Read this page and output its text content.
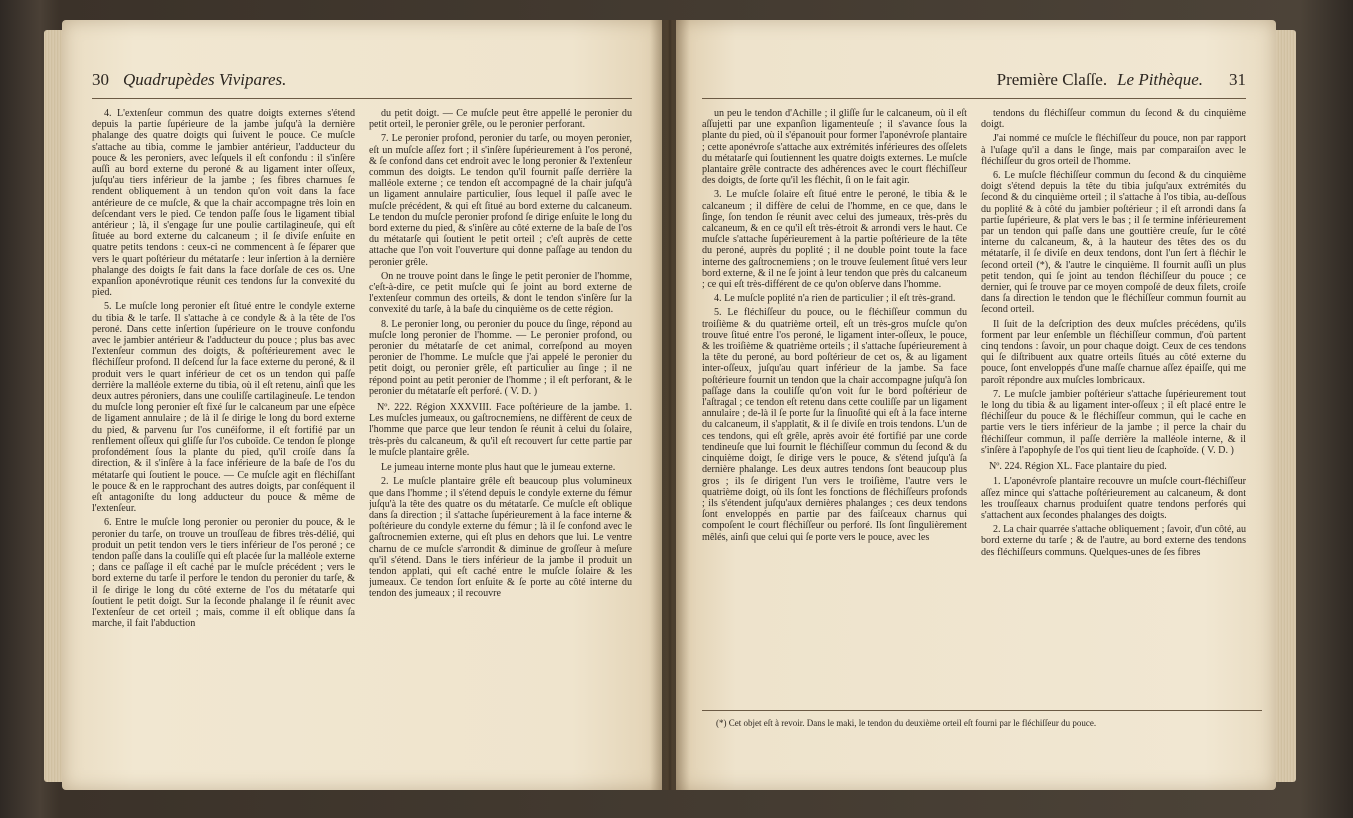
30 Quadrupèdes Vivipares.

4. L'extenſeur commun des quatre doigts externes s'étend depuis la partie ſupérieure de la jambe juſqu'à la dernière phalange des quatre doigts qui ſuivent le pouce. Ce muſcle s'attache au tibia, comme le jambier antérieur, l'adducteur du pouce & les peroniers, avec leſquels il eſt confondu : il s'inſère auſſi au bord externe du peroné & au ligament inter oſſeux, juſqu'au tiers inférieur de la jambe ; ſes fibres charnues ſe rendent obliquement à un tendon qu'on voit dans la face antérieure de ce muſcle, & que la chair accompagne très loin en deſcendant vers le pied. Ce tendon paſſe ſous le ligament tibial antérieur ; là, il s'engage ſur une poulie cartilagineuſe, qui eſt ſituée au bord externe du calcaneum ; il ſe diviſe enſuite en quatre petits tendons : ceux-ci ne commencent à ſe ſéparer que vers le quart poſtérieur du métatarſe : leur inſertion à la dernière phalange des doigts ſe fait dans la face dorſale de ces os. Une expanſion aponévrotique réunit ces tendons ſur la convexité du pied.

5. Le muſcle long peronier eſt ſitué entre le condyle externe du tibia & le tarſe. Il s'attache à ce condyle & à la tête de l'os peroné. Dans cette inſertion ſupérieure on le trouve confondu avec le jambier antérieur & l'adducteur du pouce ; plus bas avec l'extenſeur commun des doigts, & poſtérieurement avec le fléchiſſeur profond. Il deſcend ſur la face externe du peroné, & il produit vers le quart inférieur de cet os un tendon qui paſſe derrière la malléole externe du tibia, où il eſt retenu, ainſi que les deux autres péroniers, dans une couliſſe cartilagineuſe. Le tendon du muſcle long peronier eſt fixé ſur le calcaneum par une eſpèce de ligament annulaire ; de là il ſe dirige le long du bord externe du pied, & parvenu ſur l'os cunéiforme, il eſt fortifié par un renflement oſſeux qui gliſſe ſur l'os cuboïde. Ce tendon ſe plonge profondément ſous la plante du pied, qu'il croiſe dans ſa direction, & il s'inſère à la face inférieure de la baſe de l'os du métatarſe qui ſoutient le pouce. — Ce muſcle agit en fléchiſſant le pouce & en le rapprochant des autres doigts, par conſéquent il eſt antagoniſte du long adducteur du pouce & même de l'extenſeur.

6. Entre le muſcle long peronier ou peronier du pouce, & le peronier du tarſe, on trouve un trouſſeau de fibres très-délié, qui produit un petit tendon vers le tiers inférieur de l'os peroné ; ce tendon paſſe dans la couliſſe qui eſt placée ſur la malléole externe ; dans ce paſſage il eſt caché par le muſcle précédent ; vers le bord externe du tarſe il perfore le tendon du peronier du tarſe, & il ſe dirige le long du côté externe de l'os du métatarſe qui ſoutient le petit doigt. Sur la ſeconde phalange il ſe réunit avec l'extenſeur de cet orteil ; mais, comme il eſt oblique dans ſa marche, il fait l'abduction

du petit doigt. — Ce muſcle peut être appellé le peronier du petit orteil, le peronier grêle, ou le peronier perforant.

7. Le peronier profond, peronier du tarſe, ou moyen peronier, eſt un muſcle aſſez fort ; il s'inſère ſupérieurement à l'os peroné, & ſe confond dans cet endroit avec le long peronier & l'extenſeur commun des doigts. Le tendon qu'il fournit paſſe derrière la malléole externe ; ce tendon eſt accompagné de la chair juſqu'à un ligament annulaire particulier, ſous lequel il paſſe avec le muſcle précédent, & qui eſt ſitué au bord externe du calcaneum. Le tendon du muſcle peronier profond ſe dirige enſuite le long du bord externe du pied, & s'inſère au côté externe de la baſe de l'os du métatarſe qui ſoutient le petit orteil ; c'eſt auprès de cette attache que l'on voit l'ouverture qui donne paſſage au tendon du peronier grêle.

On ne trouve point dans le ſinge le petit peronier de l'homme, c'eſt-à-dire, ce petit muſcle qui ſe joint au bord externe de l'extenſeur commun des orteils, & dont le tendon s'inſère ſur la convexité du tarſe, à la baſe du cinquième os de cette région.

8. Le peronier long, ou peronier du pouce du ſinge, répond au muſcle long peronier de l'homme. — Le peronier profond, ou peronier du métatarſe de cet animal, correſpond au moyen peronier de l'homme. Le muſcle que j'ai appelé le peronier du petit doigt, ou peronier grêle, eſt particulier au ſinge ; il ne répond point au petit peronier de l'homme ; il eſt perforant, & le peronier du métatarſe eſt perforé. ( V. D. )

Nº. 222. Région XXXVIII. Face poſtérieure de la jambe. 1. Les muſcles jumeaux, ou gaſtrocnemiens, ne diffèrent de ceux de l'homme que parce que leur tendon ſe réunit à celui du ſolaire, très-près du calcaneum, & qu'il eſt recouvert ſur cette partie par le muſcle plantaire grêle.

Le jumeau interne monte plus haut que le jumeau externe.

2. Le muſcle plantaire grêle eſt beaucoup plus volumineux que dans l'homme ; il s'étend depuis le condyle externe du fémur juſqu'à la tête des quatre os du métatarſe. Ce muſcle eſt oblique dans ſa direction ; il s'attache ſupérieurement à la face interne & poſtérieure du condyle externe du fémur ; là il ſe confond avec le gaſtrocnemien externe, qui eſt plus en dehors que lui. Le ventre charnu de ce muſcle s'arrondit & diminue de groſſeur à meſure qu'il s'étend. Dans le tiers inférieur de la jambe il produit un tendon applati, qui eſt caché entre le muſcle ſolaire & les jumeaux. Ce tendon ſort enſuite & ſe porte au côté interne du tendon des jumeaux ; il recouvre

Première Claſſe. Le Pithèque. 31

un peu le tendon d'Achille ; il gliſſe ſur le calcaneum, où il eſt aſſujetti par une expanſion ligamenteuſe ; il s'avance ſous la plante du pied, où il s'épanouit pour former l'aponévroſe plantaire ; cette aponévroſe s'attache aux extrémités inférieures des oſſelets du métatarſe qui ſoutiennent les quatre doigts externes. Le muſcle plantaire grêle contracte des adhérences avec le court fléchiſſeur des doigts, de ſorte qu'il les fléchit, ſi on le fait agir.

3. Le muſcle ſolaire eſt ſitué entre le peroné, le tibia & le calcaneum ; il diffère de celui de l'homme, en ce que, dans le ſinge, ſon tendon ſe réunit avec celui des jumeaux, très-près du calcaneum, & en ce qu'il eſt très-étroit & arrondi vers le haut. Ce muſcle s'attache ſupérieurement à la partie poſtérieure de la tête du peroné, auprès du poplité ; il ne double point toute la face interne des gaſtrocnemiens ; on le trouve ſeulement ſitué vers leur bord externe, & il ne ſe joint à leur tendon que près du calcaneum ; ce qui eſt très-différent de ce qu'on obſerve dans l'homme.

4. Le muſcle poplité n'a rien de particulier ; il eſt très-grand.

5. Le fléchiſſeur du pouce, ou le fléchiſſeur commun du troiſième & du quatrième orteil, eſt un très-gros muſcle qu'on trouve ſitué entre l'os peroné, le ligament inter-oſſeux, le pouce, & les troiſième & quatrième orteils ; il s'attache ſupérieurement à la tête du peroné, au bord poſtérieur de cet os, & au ligament inter-oſſeux, juſqu'au quart inférieur de la jambe. Sa face poſtérieure fournit un tendon que la chair accompagne juſqu'à ſon paſſage dans la couliſſe qu'on voit ſur le bord poſtérieur de l'aſtragal ; ce tendon eſt retenu dans cette couliſſe par un ligament annulaire ; de-là il ſe porte ſur la ſinuoſité qui eſt à la face interne du calcaneum, il s'applatit, & il ſe diviſe en trois tendons. L'un de ces tendons, qui eſt grêle, après avoir été fortifié par une corde tendineuſe que lui fournit le fléchiſſeur commun du ſecond & du cinquième doigt, ſe dirige vers le pouce, & s'étend juſqu'à ſa dernière phalange. Les deux autres tendons ſont beaucoup plus gros ; ils ſe dirigent l'un vers le troiſième, l'autre vers le quatrième doigt, où ils ſont les fonctions de fléchiſſeurs profonds ; ils s'étendent juſqu'aux dernières phalanges ; ces deux tendons ſont enveloppés en partie par des faiſceaux charnus qui compoſent le court fléchiſſeur ou perforé. Ils ſont ſingulièrement mêlés, ainſi que celui qui ſe porte vers le pouce, avec les

tendons du fléchiſſeur commun du ſecond & du cinquième doigt.

J'ai nommé ce muſcle le fléchiſſeur du pouce, non par rapport à l'uſage qu'il a dans le ſinge, mais par comparaiſon avec le fléchiſſeur du gros orteil de l'homme.

6. Le muſcle fléchiſſeur commun du ſecond & du cinquième doigt s'étend depuis la tête du tibia juſqu'aux extrémités du ſecond & du cinquième orteil ; il s'attache à l'os tibia, au-deſſous du poplité & à côté du jambier poſtérieur ; il eſt arrondi dans ſa partie ſupérieure, & plat vers le bas ; il ſe termine inférieurement par un tendon qui paſſe dans une gouttière creuſe, ſur le côté interne du calcaneum, &, à la hauteur des têtes des os du métatarſe, il ſe diviſe en deux tendons, dont l'un ſert à fléchir le ſecond orteil (*), & l'autre le cinquième. Il fournit auſſi un plus petit tendon, qui ſe joint au tendon fléchiſſeur du pouce ; ce dernier, qui ſe trouve par ce moyen compoſé de deux filets, croiſe dans ſa direction le tendon que le fléchiſſeur commun fournit au ſecond orteil.

Il ſuit de la deſcription des deux muſcles précédens, qu'ils forment par leur enſemble un fléchiſſeur commun, d'où partent cinq tendons : ſavoir, un pour chaque doigt. Ceux de ces tendons qui ſe diſtribuent aux quatre orteils ſitués au côté externe du pouce, ſont enveloppés d'une maſſe charnue aſſez épaiſſe, qui me paroît répondre aux muſcles lombricaux.

7. Le muſcle jambier poſtérieur s'attache ſupérieurement tout le long du tibia & au ligament inter-oſſeux ; il eſt placé entre le fléchiſſeur du pouce & le fléchiſſeur commun, qui le cache en partie vers le tiers inférieur de la jambe ; il perce la chair du fléchiſſeur commun, il paſſe derrière la malléole interne, & il s'inſère à l'apophyſe de l'os qui tient lieu de ſcaphoïde. ( V. D. )

Nº. 224. Région XL. Face plantaire du pied.

1. L'aponévroſe plantaire recouvre un muſcle court-fléchiſſeur aſſez mince qui s'attache poſtérieurement au calcaneum, & dont les trouſſeaux charnus produiſent quatre tendons perforés qui s'attachent aux ſecondes phalanges des doigts.

2. La chair quarrée s'attache obliquement ; ſavoir, d'un côté, au bord externe du tarſe ; & de l'autre, au bord externe des tendons des fléchiſſeurs communs. Quelques-unes de ſes fibres

(*) Cet objet eſt à revoir. Dans le maki, le tendon du deuxième orteil eſt fourni par le fléchiſſeur du pouce.
